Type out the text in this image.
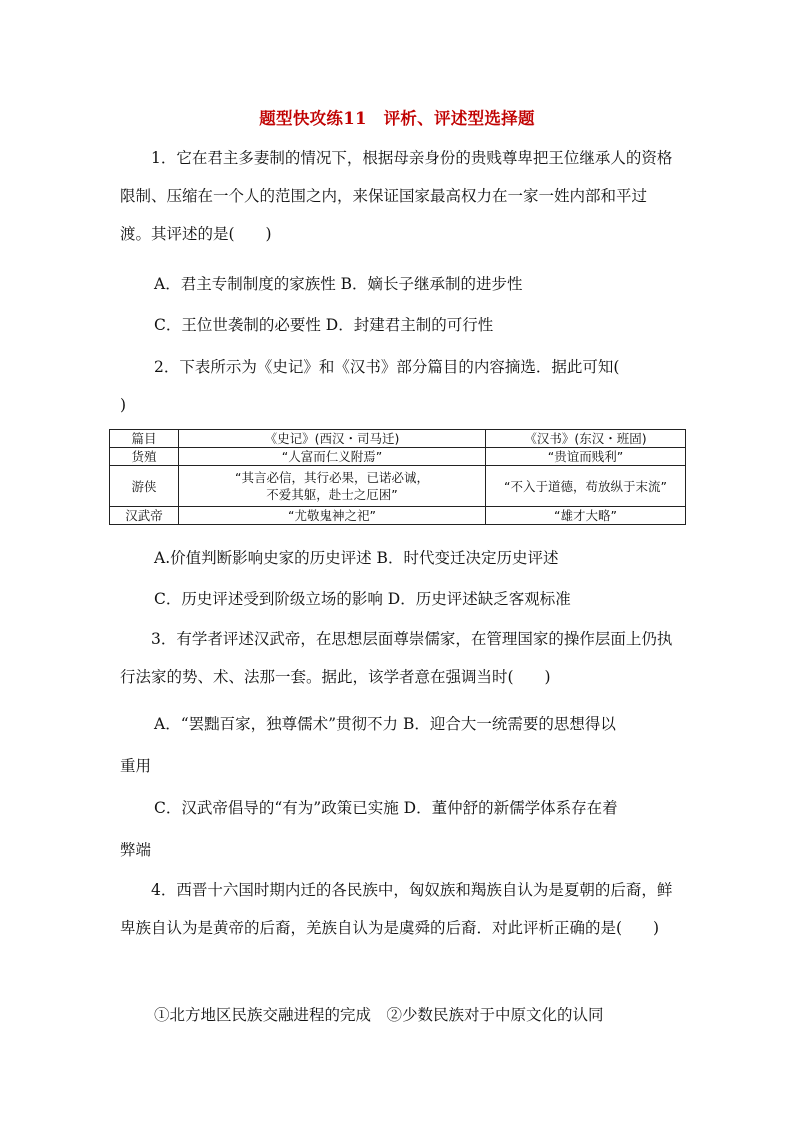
题型快攻练11　评析、评述型选择题

1．它在君主多妻制的情况下，根据母亲身份的贵贱尊卑把王位继承人的资格限制、压缩在一个人的范围之内，来保证国家最高权力在一家一姓内部和平过渡。其评述的是(　　)

A．君主专制制度的家族性 B．嫡长子继承制的进步性
C．王位世袭制的必要性 D．封建君主制的可行性
2．下表所示为《史记》和《汉书》部分篇目的内容摘选．据此可知(
)
篇目	《史记》(西汉・司马迁)	《汉书》(东汉・班固)
货殖	“人富而仁义附焉”	“贵谊而贱利”
游侠	“其言必信，其行必果，已诺必诚，
不爱其躯，赴士之厄困”	“不入于道德，苟放纵于末流”
汉武帝	“尤敬鬼神之祀”	“雄才大略”
A.价值判断影响史家的历史评述 B．时代变迁决定历史评述
C．历史评述受到阶级立场的影响 D．历史评述缺乏客观标准

3．有学者评述汉武帝，在思想层面尊崇儒家，在管理国家的操作层面上仍执行法家的势、术、法那一套。据此，该学者意在强调当时(　　)

A．“罢黜百家，独尊儒术”贯彻不力 B．迎合大一统需要的思想得以
重用
C．汉武帝倡导的“有为”政策已实施 D．董仲舒的新儒学体系存在着
弊端

4．西晋十六国时期内迁的各民族中，匈奴族和羯族自认为是夏朝的后裔，鲜卑族自认为是黄帝的后裔，羌族自认为是虞舜的后裔．对此评析正确的是(　　)

①北方地区民族交融进程的完成　②少数民族对于中原文化的认同
